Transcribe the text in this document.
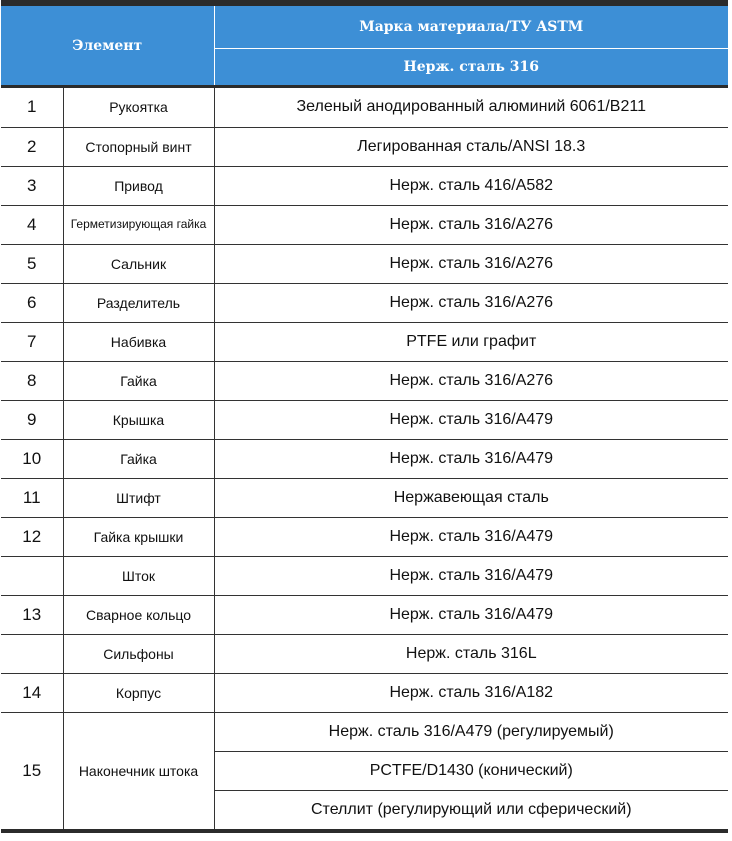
Элемент		Марка материала/ТУ ASTM
		Нерж. сталь 316

1	Рукоятка	Зеленый анодированный алюминий 6061/B211
2	Стопорный винт	Легированная сталь/ANSI 18.3
3	Привод	Нерж. сталь 416/A582
4	Герметизирующая гайка	Нерж. сталь 316/A276
5	Сальник	Нерж. сталь 316/A276
6	Разделитель	Нерж. сталь 316/A276
7	Набивка	PTFE или графит
8	Гайка	Нерж. сталь 316/A276
9	Крышка	Нерж. сталь 316/A479
10	Гайка	Нерж. сталь 316/A479
11	Штифт	Нержавеющая сталь
12	Гайка крышки	Нерж. сталь 316/A479
	Шток	Нерж. сталь 316/A479
13	Сварное кольцо	Нерж. сталь 316/A479
	Сильфоны	Нерж. сталь 316L
14	Корпус	Нерж. сталь 316/A182
15	Наконечник штока	Нерж. сталь 316/A479 (регулируемый)
		PCTFE/D1430 (конический)
		Стеллит (регулирующий или сферический)
